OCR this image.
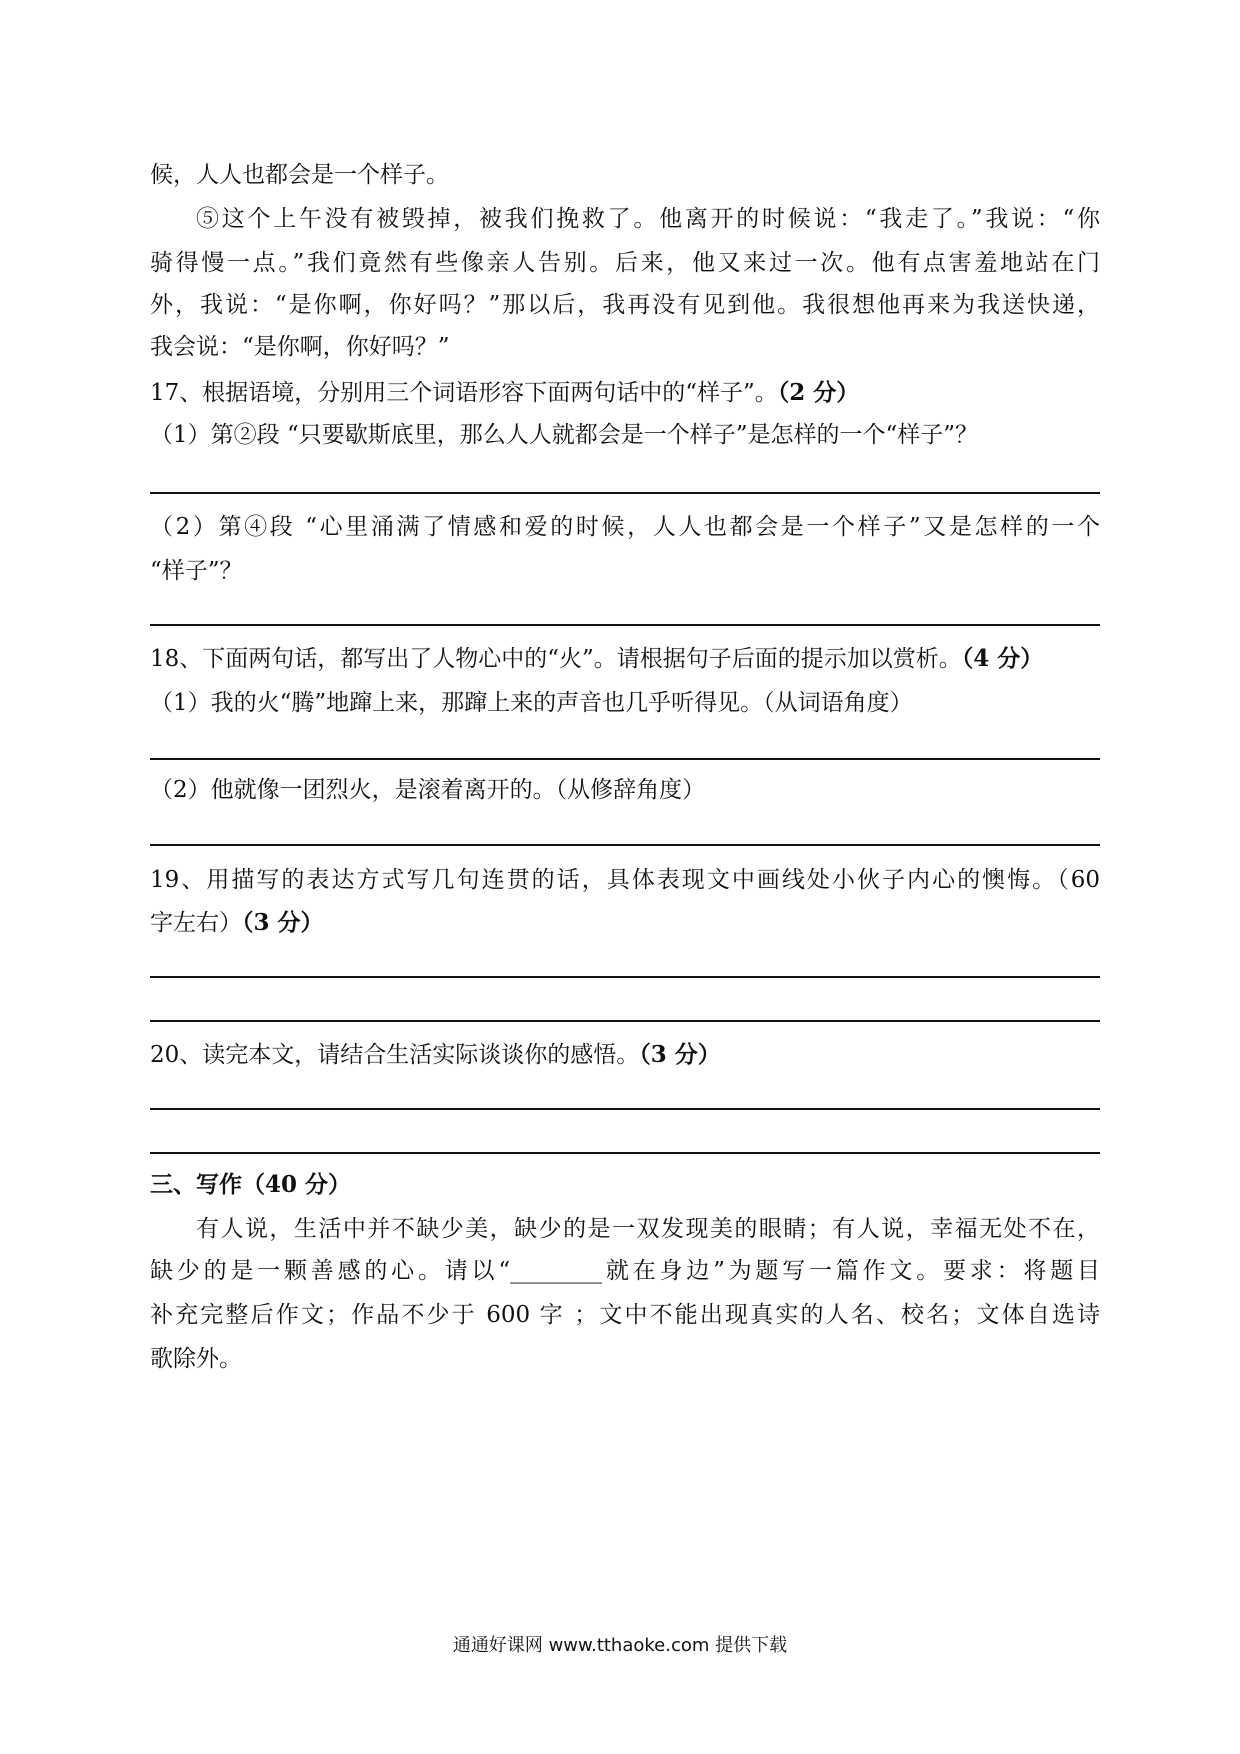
候，人人也都会是一个样子。
⑤这个上午没有被毁掉，被我们挽救了。他离开的时候说：“我走了。”我说：“你
骑得慢一点。”我们竟然有些像亲人告别。后来，他又来过一次。他有点害羞地站在门
外，我说：“是你啊，你好吗？”那以后，我再没有见到他。我很想他再来为我送快递，
我会说：“是你啊，你好吗？”
17、根据语境，分别用三个词语形容下面两句话中的“样子”。（2 分）
（1）第②段 “只要歇斯底里，那么人人就都会是一个样子”是怎样的一个“样子”？
（2）第④段 “心里涌满了情感和爱的时候，人人也都会是一个样子”又是怎样的一个
“样子”？
18、下面两句话，都写出了人物心中的“火”。请根据句子后面的提示加以赏析。（4 分）
（1）我的火“腾”地蹿上来，那蹿上来的声音也几乎听得见。（从词语角度）
（2）他就像一团烈火，是滚着离开的。（从修辞角度）
19、用描写的表达方式写几句连贯的话，具体表现文中画线处小伙子内心的懊悔。（60
字左右）（3 分）
20、读完本文，请结合生活实际谈谈你的感悟。（3 分）
三、写作（40 分）
有人说，生活中并不缺少美，缺少的是一双发现美的眼睛；有人说，幸福无处不在，
缺少的是一颗善感的心。请以“________就在身边”为题写一篇作文。要求：将题目
补充完整后作文；作品不少于 600 字 ；文中不能出现真实的人名、校名；文体自选诗
歌除外。
通通好课网 www.tthaoke.com 提供下载
